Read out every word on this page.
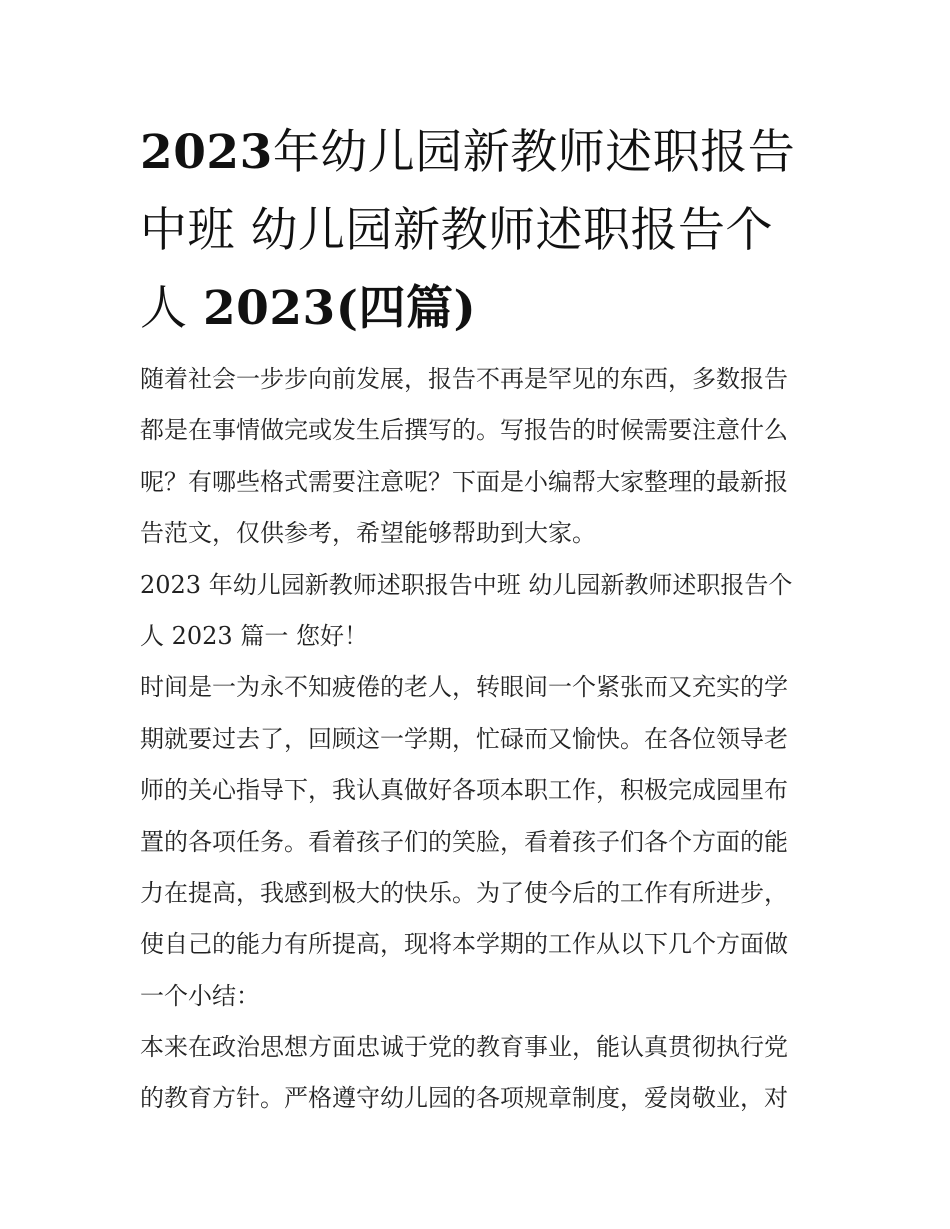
2023年幼儿园新教师述职报告
中班 幼儿园新教师述职报告个
人 2023(四篇)
随着社会一步步向前发展，报告不再是罕见的东西，多数报告
都是在事情做完或发生后撰写的。写报告的时候需要注意什么
呢？有哪些格式需要注意呢？下面是小编帮大家整理的最新报
告范文，仅供参考，希望能够帮助到大家。
2023 年幼儿园新教师述职报告中班 幼儿园新教师述职报告个
人 2023 篇一 您好！
时间是一为永不知疲倦的老人，转眼间一个紧张而又充实的学
期就要过去了，回顾这一学期，忙碌而又愉快。在各位领导老
师的关心指导下，我认真做好各项本职工作，积极完成园里布
置的各项任务。看着孩子们的笑脸，看着孩子们各个方面的能
力在提高，我感到极大的快乐。为了使今后的工作有所进步，
使自己的能力有所提高，现将本学期的工作从以下几个方面做
一个小结：
本来在政治思想方面忠诚于党的教育事业，能认真贯彻执行党
的教育方针。严格遵守幼儿园的各项规章制度，爱岗敬业，对
